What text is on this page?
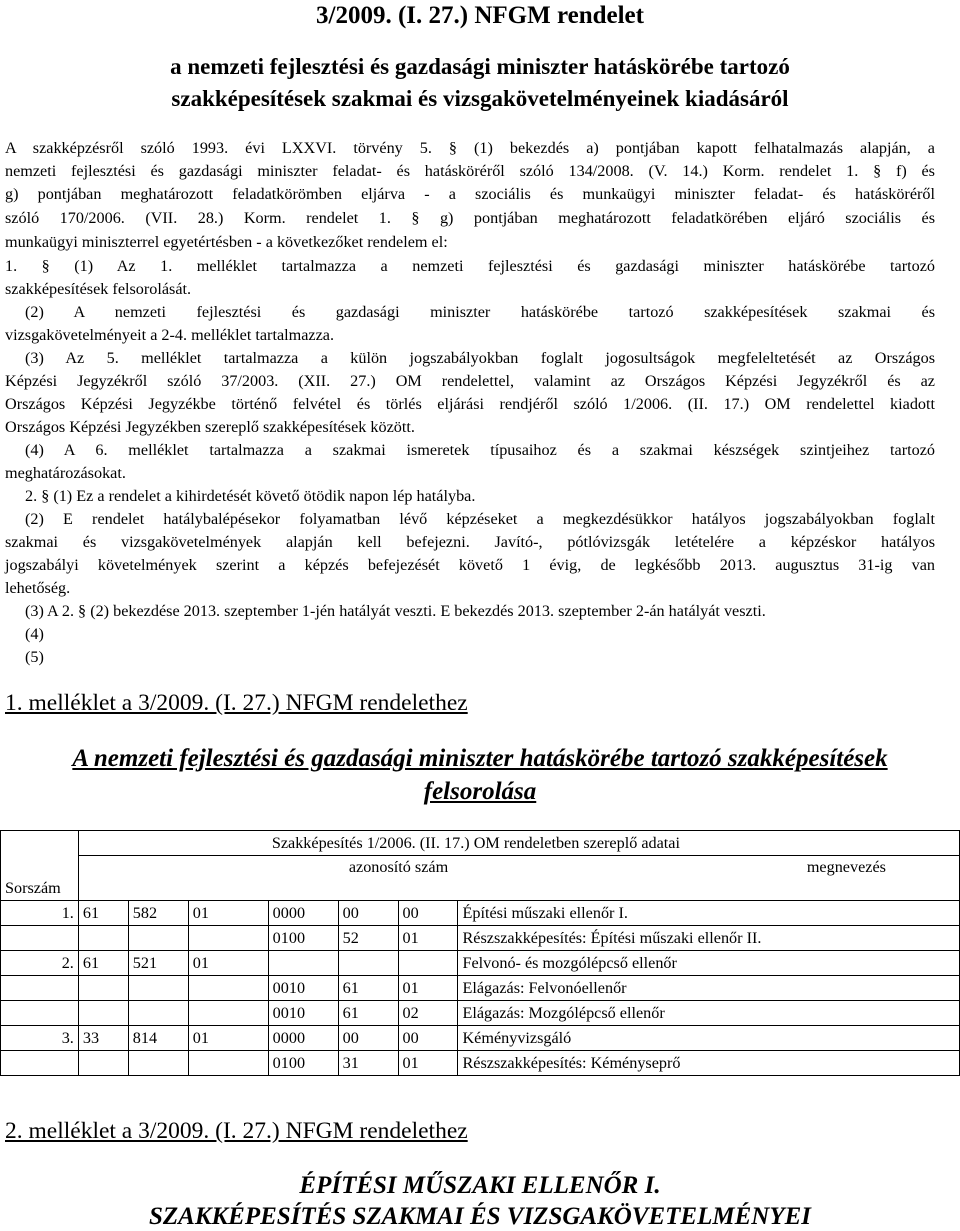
3/2009. (I. 27.) NFGM rendelet
a nemzeti fejlesztési és gazdasági miniszter hatáskörébe tartozó
szakképesítések szakmai és vizsgakövetelményeinek kiadásáról
A szakképzésről szóló 1993. évi LXXVI. törvény 5. § (1) bekezdés a) pontjában kapott felhatalmazás alapján, a
nemzeti fejlesztési és gazdasági miniszter feladat- és hatásköréről szóló 134/2008. (V. 14.) Korm. rendelet 1. § f) és
g) pontjában meghatározott feladatkörömben eljárva - a szociális és munkaügyi miniszter feladat- és hatásköréről
szóló 170/2006. (VII. 28.) Korm. rendelet 1. § g) pontjában meghatározott feladatkörében eljáró szociális és
munkaügyi miniszterrel egyetértésben - a következőket rendelem el:
1. § (1) Az 1. melléklet tartalmazza a nemzeti fejlesztési és gazdasági miniszter hatáskörébe tartozó
szakképesítések felsorolását.
(2) A nemzeti fejlesztési és gazdasági miniszter hatáskörébe tartozó szakképesítések szakmai és
vizsgakövetelményeit a 2-4. melléklet tartalmazza.
(3) Az 5. melléklet tartalmazza a külön jogszabályokban foglalt jogosultságok megfeleltetését az Országos
Képzési Jegyzékről szóló 37/2003. (XII. 27.) OM rendelettel, valamint az Országos Képzési Jegyzékről és az
Országos Képzési Jegyzékbe történő felvétel és törlés eljárási rendjéről szóló 1/2006. (II. 17.) OM rendelettel kiadott
Országos Képzési Jegyzékben szereplő szakképesítések között.
(4) A 6. melléklet tartalmazza a szakmai ismeretek típusaihoz és a szakmai készségek szintjeihez tartozó
meghatározásokat.
2. § (1) Ez a rendelet a kihirdetését követő ötödik napon lép hatályba.
(2) E rendelet hatálybalépésekor folyamatban lévő képzéseket a megkezdésükkor hatályos jogszabályokban foglalt
szakmai és vizsgakövetelmények alapján kell befejezni. Javító-, pótlóvizsgák letételére a képzéskor hatályos
jogszabályi követelmények szerint a képzés befejezését követő 1 évig, de legkésőbb 2013. augusztus 31-ig van
lehetőség.
(3) A 2. § (2) bekezdése 2013. szeptember 1-jén hatályát veszti. E bekezdés 2013. szeptember 2-án hatályát veszti.
(4)
(5)
1. melléklet a 3/2009. (I. 27.) NFGM rendelethez
A nemzeti fejlesztési és gazdasági miniszter hatáskörébe tartozó szakképesítések
felsorolása
Sorszám	Szakképesítés 1/2006. (II. 17.) OM rendeletben szereplő adatai						

	azonosító szám megnevezés						

1.	61	582	01	0000	00	00	Építési műszaki ellenőr I.
				0100	52	01	Részszakképesítés: Építési műszaki ellenőr II.
2.	61	521	01				Felvonó- és mozgólépcső ellenőr
				0010	61	01	Elágazás: Felvonóellenőr
				0010	61	02	Elágazás: Mozgólépcső ellenőr
3.	33	814	01	0000	00	00	Kéményvizsgáló
				0100	31	01	Részszakképesítés: Kéményseprő
2. melléklet a 3/2009. (I. 27.) NFGM rendelethez
ÉPÍTÉSI MŰSZAKI ELLENŐR I.
SZAKKÉPESÍTÉS SZAKMAI ÉS VIZSGAKÖVETELMÉNYEI
